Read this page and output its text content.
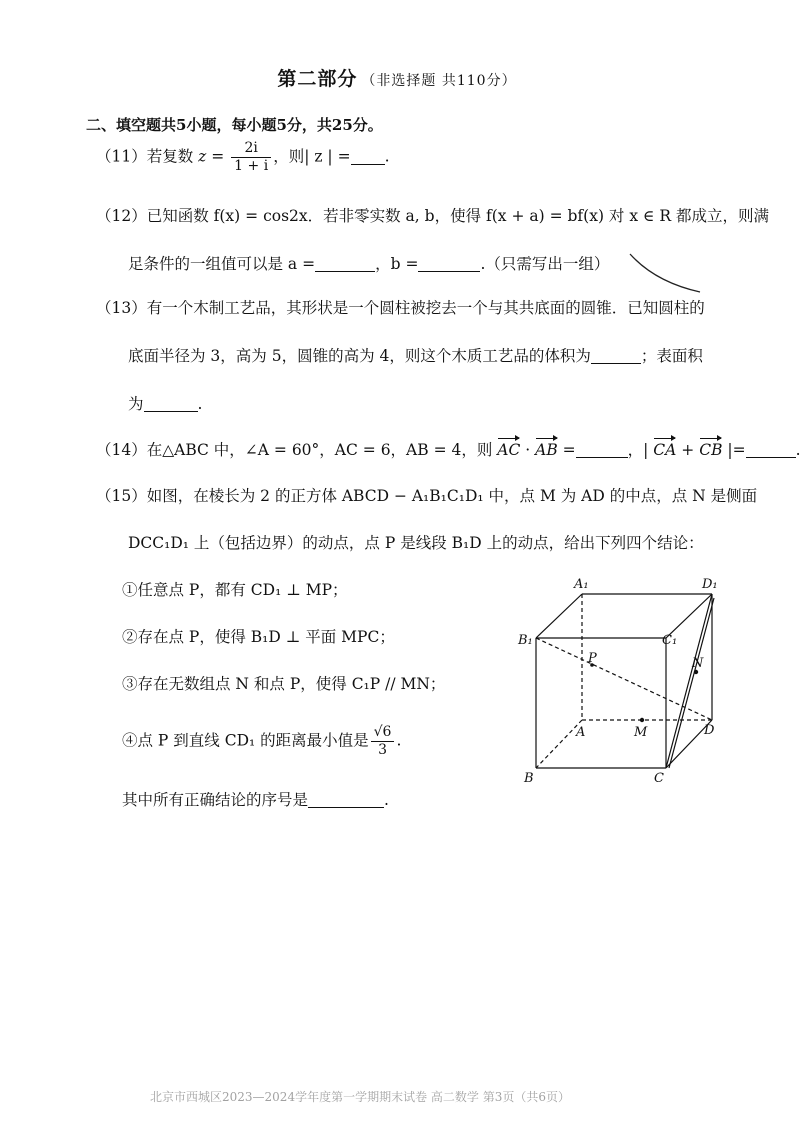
第二部分 （非选择题 共110分）
二、填空题共5小题，每小题5分，共25分。
（11）若复数 $z = \frac{2i}{1 + i}$ ，则| z | = .
（12）已知函数 f(x) = cos2x．若非零实数 a, b，使得 f(x + a) = bf(x) 对 x ∈ R 都成立，则满
足条件的一组值可以是 a =	，b =	.（只需写出一组）
（13）有一个木制工艺品，其形状是一个圆柱被挖去一个与其共底面的圆锥．已知圆柱的
底面半径为 3，高为 5，圆锥的高为 4，则这个木质工艺品的体积为	；表面积
为	.
（14）在△ABC 中，∠A = 60°，AC = 6，AB = 4，则 AC · AB =	，| CA + CB |=	.
（15）如图，在棱长为 2 的正方体 ABCD − A₁B₁C₁D₁ 中，点 M 为 AD 的中点，点 N 是侧面
DCC₁D₁ 上（包括边界）的动点，点 P 是线段 B₁D 上的动点，给出下列四个结论：
①任意点 P，都有 CD₁ ⊥ MP；
②存在点 P，使得 B₁D ⊥ 平面 MPC；
③存在无数组点 N 和点 P，使得 C₁P // MN；
④点 P 到直线 CD₁ 的距离最小值是 $\frac{√6}{3}$ .
其中所有正确结论的序号是	.
A₁	D₁
B₁	C₁
P	N
A	M	D
B	C
北京市西城区2023—2024学年度第一学期期末试卷 高二数学 第3页（共6页）
